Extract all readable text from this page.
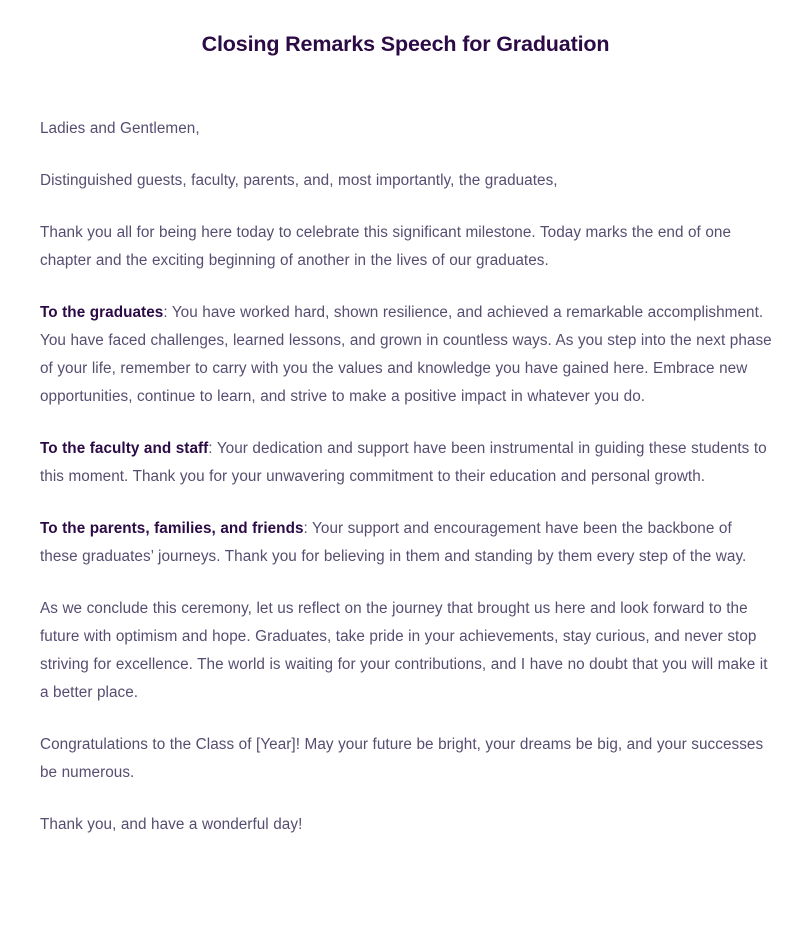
Closing Remarks Speech for Graduation

Ladies and Gentlemen,

Distinguished guests, faculty, parents, and, most importantly, the graduates,

Thank you all for being here today to celebrate this significant milestone. Today marks the end of one chapter and the exciting beginning of another in the lives of our graduates.

To the graduates: You have worked hard, shown resilience, and achieved a remarkable accomplishment. You have faced challenges, learned lessons, and grown in countless ways. As you step into the next phase of your life, remember to carry with you the values and knowledge you have gained here. Embrace new opportunities, continue to learn, and strive to make a positive impact in whatever you do.

To the faculty and staff: Your dedication and support have been instrumental in guiding these students to this moment. Thank you for your unwavering commitment to their education and personal growth.

To the parents, families, and friends: Your support and encouragement have been the backbone of these graduates’ journeys. Thank you for believing in them and standing by them every step of the way.

As we conclude this ceremony, let us reflect on the journey that brought us here and look forward to the future with optimism and hope. Graduates, take pride in your achievements, stay curious, and never stop striving for excellence. The world is waiting for your contributions, and I have no doubt that you will make it a better place.

Congratulations to the Class of [Year]! May your future be bright, your dreams be big, and your successes be numerous.

Thank you, and have a wonderful day!
